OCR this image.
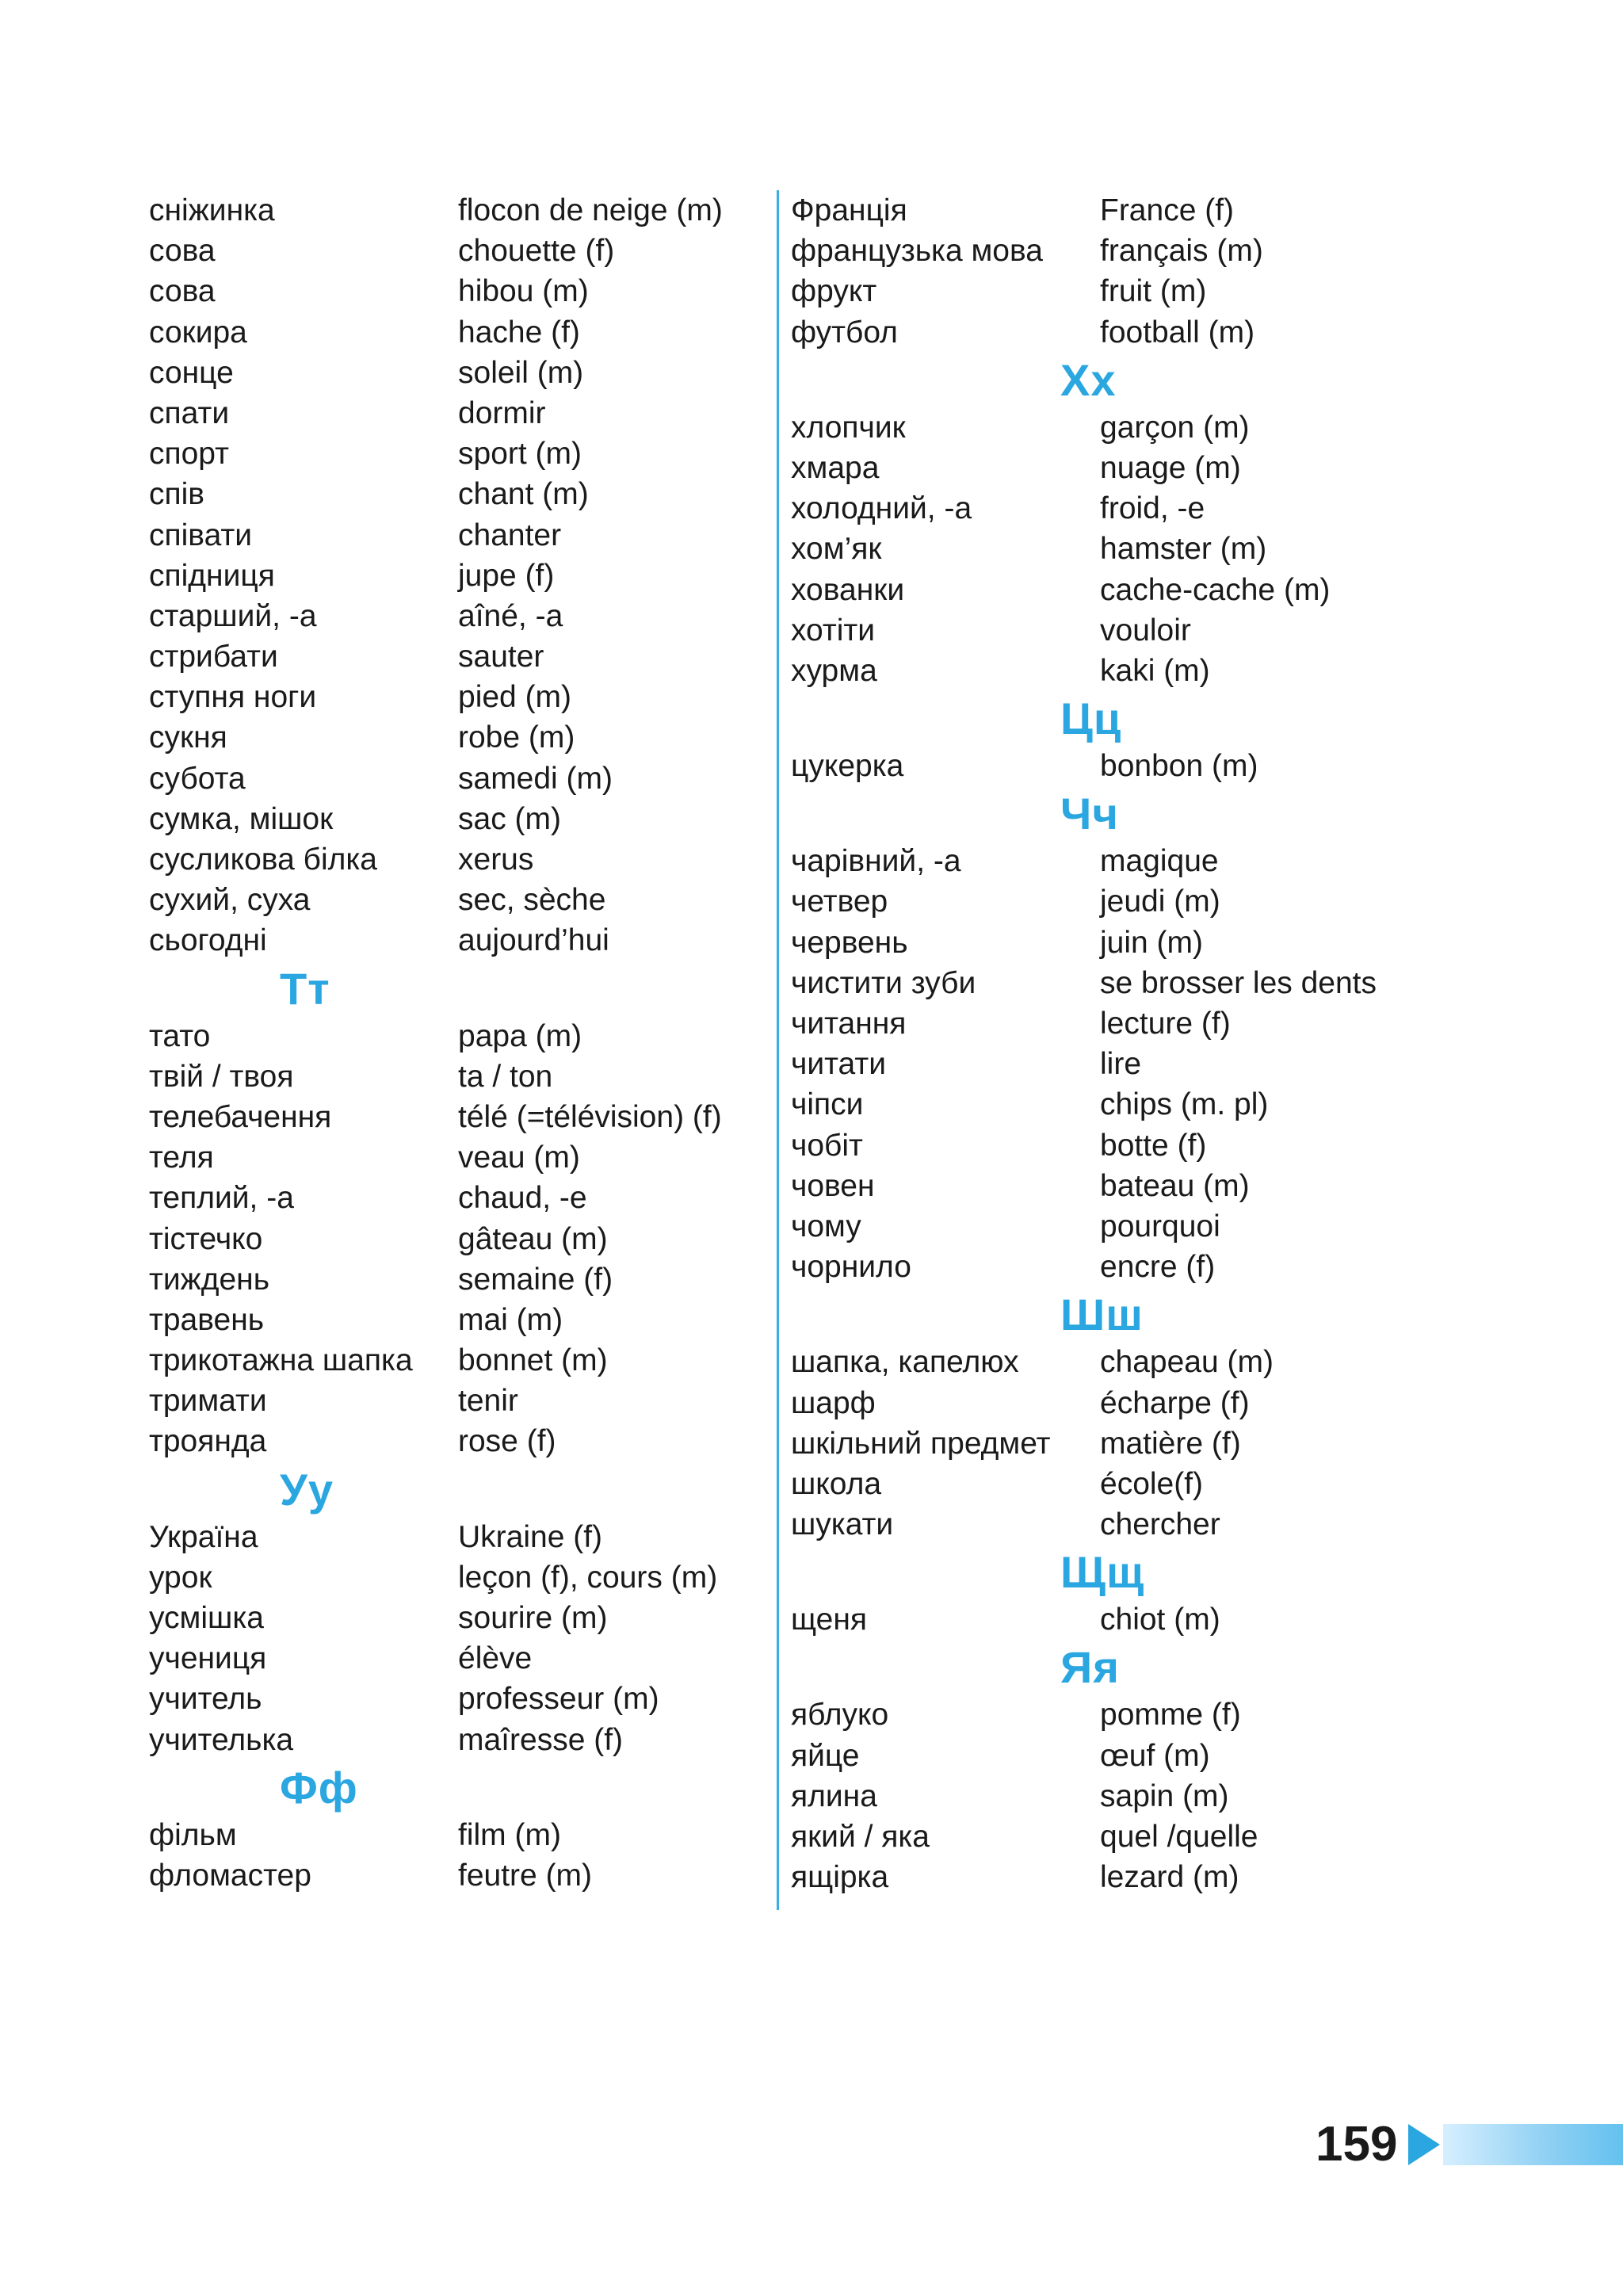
сніжинка	flocon de neige (m)
сова	chouette (f)
сова	hibou (m)
сокира	hache (f)
сонце	soleil (m)
спати	dormir
спорт	sport (m)
спів	chant (m)
співати	chanter
спідниця	jupe (f)
старший, -а	aîné, -a
стрибати	sauter
ступня ноги	pied (m)
сукня	robe (m)
субота	samedi (m)
сумка, мішок	sac (m)
сусликова білка	xerus
сухий, суха	sec, sèche
сьогодні	aujourd’hui
Тт
тато	papa (m)
твій / твоя	ta / ton
телебачення	télé (=télévision) (f)
теля	veau (m)
теплий, -а	chaud, -e
тістечко	gâteau (m)
тиждень	semaine (f)
травень	mai (m)
трикотажна шапка	bonnet (m)
тримати	tenir
троянда	rose (f)
Уу
Україна	Ukraine (f)
урок	leçon (f), cours (m)
усмішка	sourire (m)
учениця	élève
учитель	professeur (m)
учителька	maîresse (f)
Фф
фільм	film (m)
фломастер	feutre (m)
Франція	France (f)
французька мова	français (m)
фрукт	fruit (m)
футбол	football (m)
Хх
хлопчик	garçon (m)
хмара	nuage (m)
холодний, -а	froid, -e
хом’як	hamster (m)
хованки	cache-cache (m)
хотіти	vouloir
хурма	kaki (m)
Цц
цукерка	bonbon (m)
Чч
чарівний, -а	magique
четвер	jeudi (m)
червень	juin (m)
чистити зуби	se brosser les dents
читання	lecture (f)
читати	lire
чіпси	chips (m. pl)
чобіт	botte (f)
човен	bateau (m)
чому	pourquoi
чорнило	encre (f)
Шш
шапка, капелюх	chapeau (m)
шарф	écharpe (f)
шкільний предмет	matière (f)
школа	école(f)
шукати	chercher
Щщ
щеня	chiot (m)
Яя
яблуко	pomme (f)
яйце	œuf (m)
ялина	sapin (m)
який / яка	quel /quelle
ящірка	lezard (m)
159
